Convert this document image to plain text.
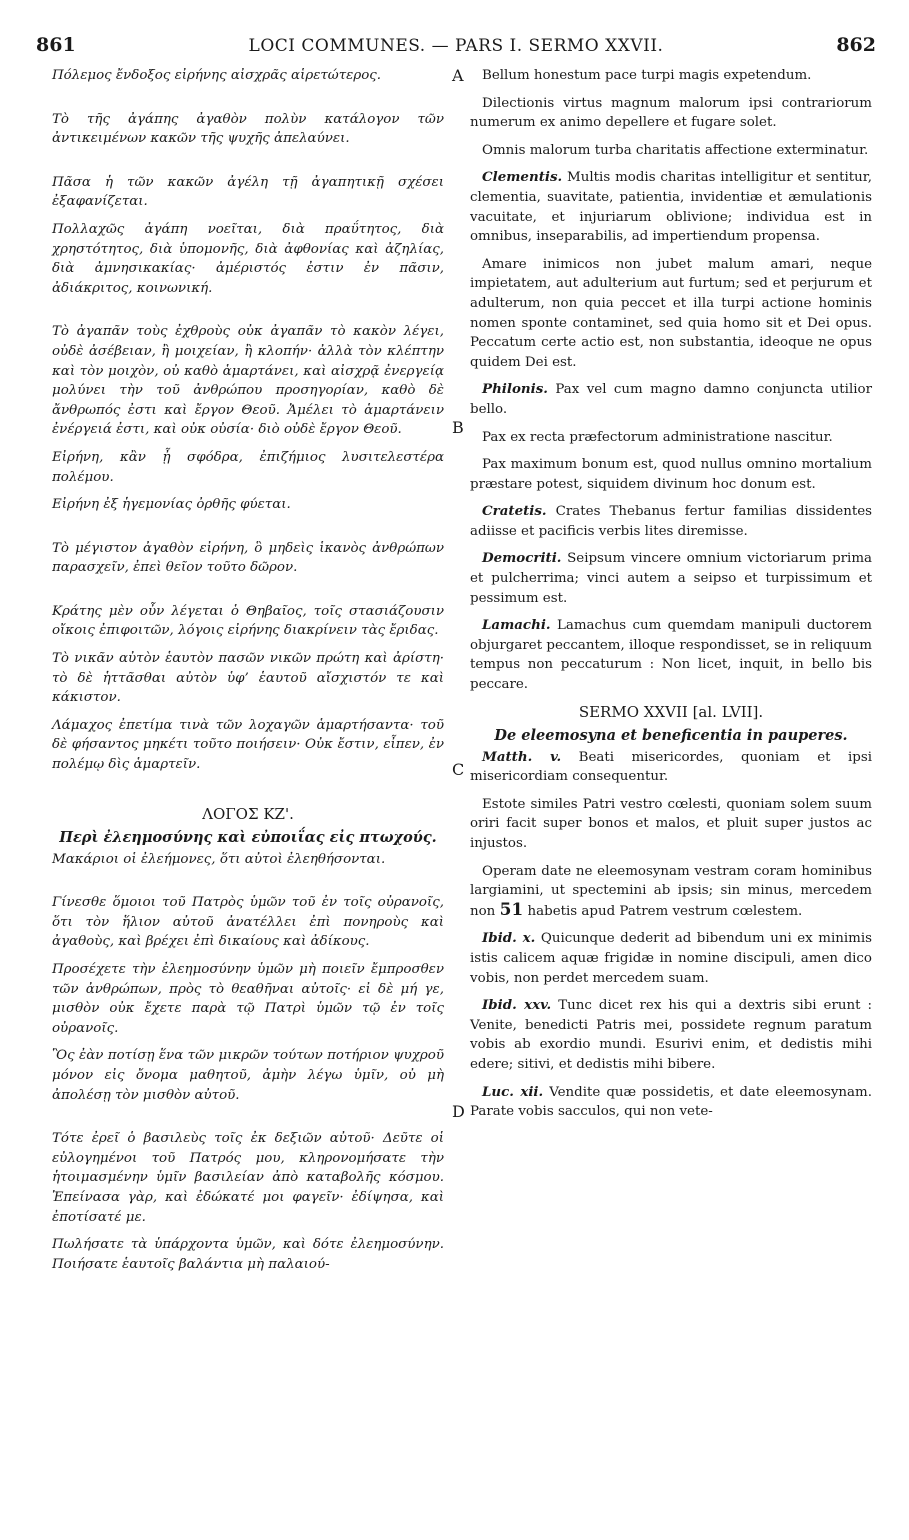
861	LOCI COMMUNES. — PARS I. SERMO XXVII.	862
A
B
C
D

Πόλεμος ἔνδοξος εἰρήνης αἰσχρᾶς αἱρετώτερος.

Τὸ τῆς ἀγάπης ἀγαθὸν πολὺν κατάλογον τῶν ἀντικειμένων κακῶν τῆς ψυχῆς ἀπελαύνει.

Πᾶσα ἡ τῶν κακῶν ἀγέλη τῇ ἀγαπητικῇ σχέσει ἐξαφανίζεται.

Πολλαχῶς ἀγάπη νοεῖται, διὰ πραΰτητος, διὰ χρηστότητος, διὰ ὑπομονῆς, διὰ ἀφθονίας καὶ ἀζηλίας, διὰ ἀμνησικακίας· ἀμέριστός ἐστιν ἐν πᾶσιν, ἀδιάκριτος, κοινωνική.

Τὸ ἀγαπᾶν τοὺς ἐχθροὺς οὐκ ἀγαπᾶν τὸ κακὸν λέγει, οὐδὲ ἀσέβειαν, ἢ μοιχείαν, ἢ κλοπήν· ἀλλὰ τὸν κλέπτην καὶ τὸν μοιχὸν, οὐ καθὸ ἁμαρτάνει, καὶ αἰσχρᾷ ἐνεργείᾳ μολύνει τὴν τοῦ ἀνθρώπου προσηγορίαν, καθὸ δὲ ἄνθρωπός ἐστι καὶ ἔργον Θεοῦ. Ἀμέλει τὸ ἁμαρτάνειν ἐνέργειά ἐστι, καὶ οὐκ οὐσία· διὸ οὐδὲ ἔργον Θεοῦ.

Εἰρήνη, κἂν ᾖ σφόδρα, ἐπιζήμιος λυσιτελεστέρα πολέμου.

Εἰρήνη ἐξ ἡγεμονίας ὀρθῆς φύεται.

Τὸ μέγιστον ἀγαθὸν εἰρήνη, ὃ μηδεὶς ἱκανὸς ἀνθρώπων παρασχεῖν, ἐπεὶ θεῖον τοῦτο δῶρον.

Κράτης μὲν οὖν λέγεται ὁ Θηβαῖος, τοῖς στασιάζουσιν οἴκοις ἐπιφοιτῶν, λόγοις εἰρήνης διακρίνειν τὰς ἔριδας.

Τὸ νικᾶν αὐτὸν ἑαυτὸν πασῶν νικῶν πρώτη καὶ ἀρίστη· τὸ δὲ ἡττᾶσθαι αὐτὸν ὑφ’ ἑαυτοῦ αἴσχιστόν τε καὶ κάκιστον.

Λάμαχος ἐπετίμα τινὰ τῶν λοχαγῶν ἁμαρτήσαντα· τοῦ δὲ φήσαντος μηκέτι τοῦτο ποιήσειν· Οὐκ ἔστιν, εἶπεν, ἐν πολέμῳ δὶς ἁμαρτεῖν.

ΛΟΓΟΣ ΚΖ'.
Περὶ ἐλεημοσύνης καὶ εὐποιΐας εἰς πτωχούς.

Μακάριοι οἱ ἐλεήμονες, ὅτι αὐτοὶ ἐλεηθήσονται.

Γίνεσθε ὅμοιοι τοῦ Πατρὸς ὑμῶν τοῦ ἐν τοῖς οὐρανοῖς, ὅτι τὸν ἥλιον αὐτοῦ ἀνατέλλει ἐπὶ πονηροὺς καὶ ἀγαθοὺς, καὶ βρέχει ἐπὶ δικαίους καὶ ἀδίκους.

Προσέχετε τὴν ἐλεημοσύνην ὑμῶν μὴ ποιεῖν ἔμπροσθεν τῶν ἀνθρώπων, πρὸς τὸ θεαθῆναι αὐτοῖς· εἰ δὲ μή γε, μισθὸν οὐκ ἔχετε παρὰ τῷ Πατρὶ ὑμῶν τῷ ἐν τοῖς οὐρανοῖς.

Ὃς ἐὰν ποτίσῃ ἕνα τῶν μικρῶν τούτων ποτήριον ψυχροῦ μόνον εἰς ὄνομα μαθητοῦ, ἀμὴν λέγω ὑμῖν, οὐ μὴ ἀπολέσῃ τὸν μισθὸν αὐτοῦ.

Τότε ἐρεῖ ὁ βασιλεὺς τοῖς ἐκ δεξιῶν αὐτοῦ· Δεῦτε οἱ εὐλογημένοι τοῦ Πατρός μου, κληρονομήσατε τὴν ἡτοιμασμένην ὑμῖν βασιλείαν ἀπὸ καταβολῆς κόσμου. Ἐπείνασα γὰρ, καὶ ἐδώκατέ μοι φαγεῖν· ἐδίψησα, καὶ ἐποτίσατέ με.

Πωλήσατε τὰ ὑπάρχοντα ὑμῶν, καὶ δότε ἐλεημοσύνην. Ποιήσατε ἑαυτοῖς βαλάντια μὴ παλαιού-

Bellum honestum pace turpi magis expetendum.

Dilectionis virtus magnum malorum ipsi contrariorum numerum ex animo depellere et fugare solet.

Omnis malorum turba charitatis affectione exterminatur.

Clementis. Multis modis charitas intelligitur et sentitur, clementia, suavitate, patientia, invidentiæ et æmulationis vacuitate, et injuriarum oblivione; individua est in omnibus, inseparabilis, ad impertiendum propensa.

Amare inimicos non jubet malum amari, neque impietatem, aut adulterium aut furtum; sed et perjurum et adulterum, non quia peccet et illa turpi actione hominis nomen sponte contaminet, sed quia homo sit et Dei opus. Peccatum certe actio est, non substantia, ideoque ne opus quidem Dei est.

Philonis. Pax vel cum magno damno conjuncta utilior bello.

Pax ex recta præfectorum administratione nascitur.

Pax maximum bonum est, quod nullus omnino mortalium præstare potest, siquidem divinum hoc donum est.

Cratetis. Crates Thebanus fertur familias dissidentes adiisse et pacificis verbis lites diremisse.

Democriti. Seipsum vincere omnium victoriarum prima et pulcherrima; vinci autem a seipso et turpissimum et pessimum est.

Lamachi. Lamachus cum quemdam manipuli ductorem objurgaret peccantem, illoque respondisset, se in reliquum tempus non peccaturum : Non licet, inquit, in bello bis peccare.

SERMO XXVII [al. LVII].
De eleemosyna et beneficentia in pauperes.

Matth. v. Beati misericordes, quoniam et ipsi misericordiam consequentur.

Estote similes Patri vestro cœlesti, quoniam solem suum oriri facit super bonos et malos, et pluit super justos ac injustos.

Operam date ne eleemosynam vestram coram hominibus largiamini, ut spectemini ab ipsis; sin minus, mercedem non 51 habetis apud Patrem vestrum cœlestem.

Ibid. x. Quicunque dederit ad bibendum uni ex minimis istis calicem aquæ frigidæ in nomine discipuli, amen dico vobis, non perdet mercedem suam.

Ibid. xxv. Tunc dicet rex his qui a dextris sibi erunt : Venite, benedicti Patris mei, possidete regnum paratum vobis ab exordio mundi. Esurivi enim, et dedistis mihi edere; sitivi, et dedistis mihi bibere.

Luc. xii. Vendite quæ possidetis, et date eleemosynam. Parate vobis sacculos, qui non vete-
